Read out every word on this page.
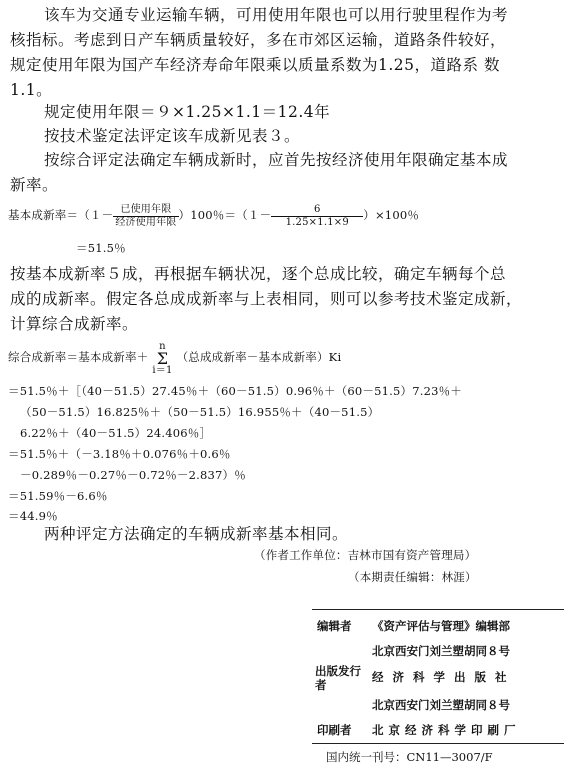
该车为交通专业运输车辆，可用使用年限也可以用行驶里程作为考
核指标。考虑到日产车辆质量较好，多在市郊区运输，道路条件较好，
规定使用年限为国产车经济寿命年限乘以质量系数为1.25，道路系 数
1.1。
规定使用年限＝９×1.25×1.1＝12.4年
按技术鉴定法评定该车成新见表３。
按综合评定法确定车辆成新时，应首先按经济使用年限确定基本成
新率。
基本成新率$=(1- \frac{\text{已使用年限}}{\text{经济使用年限}} )100$％$=(1- \frac{6}{1.25\times 1.1\times 9} )\times 100$％
＝51.5％
按基本成新率５成，再根据车辆状况，逐个总成比较，确定车辆每个总
成的成新率。假定各总成成新率与上表相同，则可以参考技术鉴定成新，
计算综合成新率。
综合成新率＝基本成新率＋n
Σ
i＝1（总成成新率－基本成新率）Ki
＝51.5％＋［（40－51.5）27.45％＋（60－51.5）0.96％＋（60－51.5）7.23％＋
（50－51.5）16.825％＋（50－51.5）16.955％＋（40－51.5）
6.22％＋（40－51.5）24.406％］
＝51.5％＋（－3.18％＋0.076％＋0.6％
－0.289％－0.27％－0.72％－2.837）％
＝51.59％－6.6％
＝44.9％
两种评定方法确定的车辆成新率基本相同。
（作者工作单位：吉林市国有资产管理局）
（本期责任编辑：林涯）
编辑者 《资产评估与管理》编辑部
北京西安门刘兰塑胡同８号
出版发行者
经济科学出版社
北京西安门刘兰塑胡同８号
印刷者 北京经济科学印刷厂
国内统一刊号：CN11—3007/F
